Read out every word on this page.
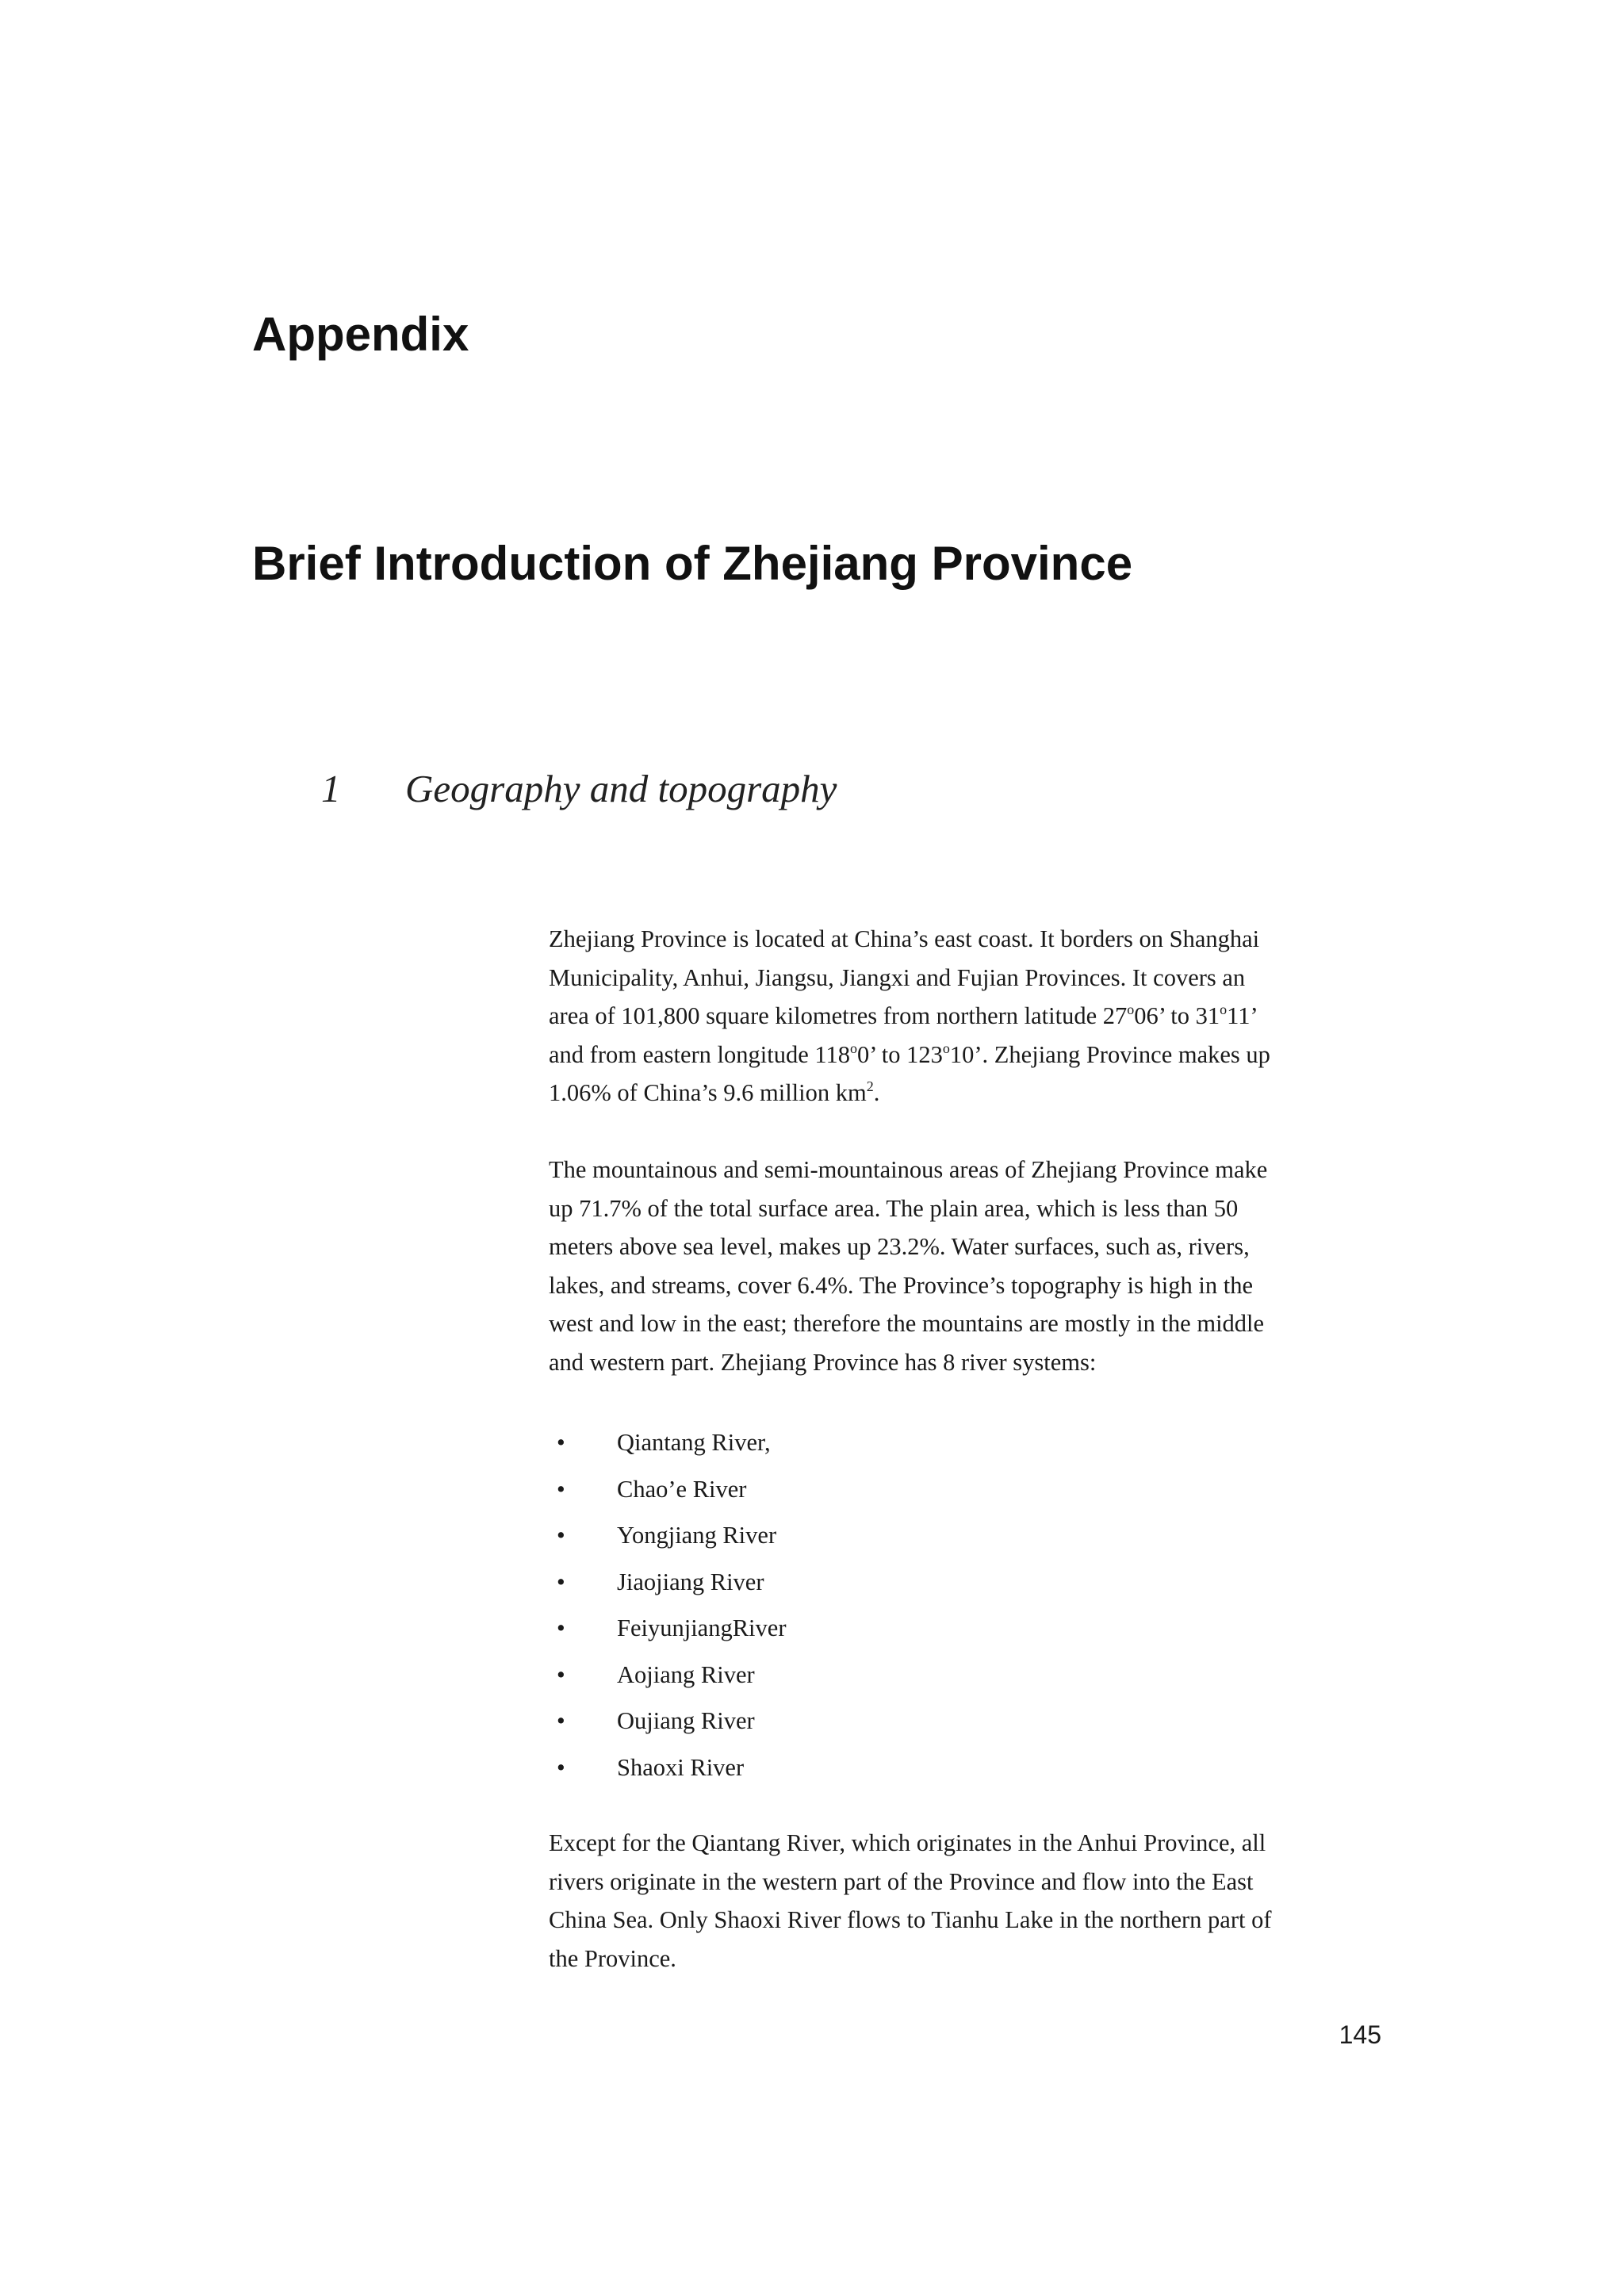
Appendix
Brief Introduction of Zhejiang Province
1 Geography and topography
Zhejiang Province is located at China’s east coast. It borders on Shanghai
Municipality, Anhui, Jiangsu, Jiangxi and Fujian Provinces. It covers an
area of 101,800 square kilometres from northern latitude 27$^o$06’ to 31$^o$11’
and from eastern longitude 118$^o$0’ to 123$^o$10’. Zhejiang Province makes up
1.06% of China’s 9.6 million $km^2$.

The mountainous and semi-mountainous areas of Zhejiang Province make
up 71.7% of the total surface area. The plain area, which is less than 50
meters above sea level, makes up 23.2%. Water surfaces, such as, rivers,
lakes, and streams, cover 6.4%. The Province’s topography is high in the
west and low in the east; therefore the mountains are mostly in the middle
and western part. Zhejiang Province has 8 river systems:

• Qiantang River,
• Chao’e River
• Yongjiang River
• Jiaojiang River
• FeiyunjiangRiver
• Aojiang River
• Oujiang River
• Shaoxi River

Except for the Qiantang River, which originates in the Anhui Province, all
rivers originate in the western part of the Province and flow into the East
China Sea. Only Shaoxi River flows to Tianhu Lake in the northern part of
the Province.

145
